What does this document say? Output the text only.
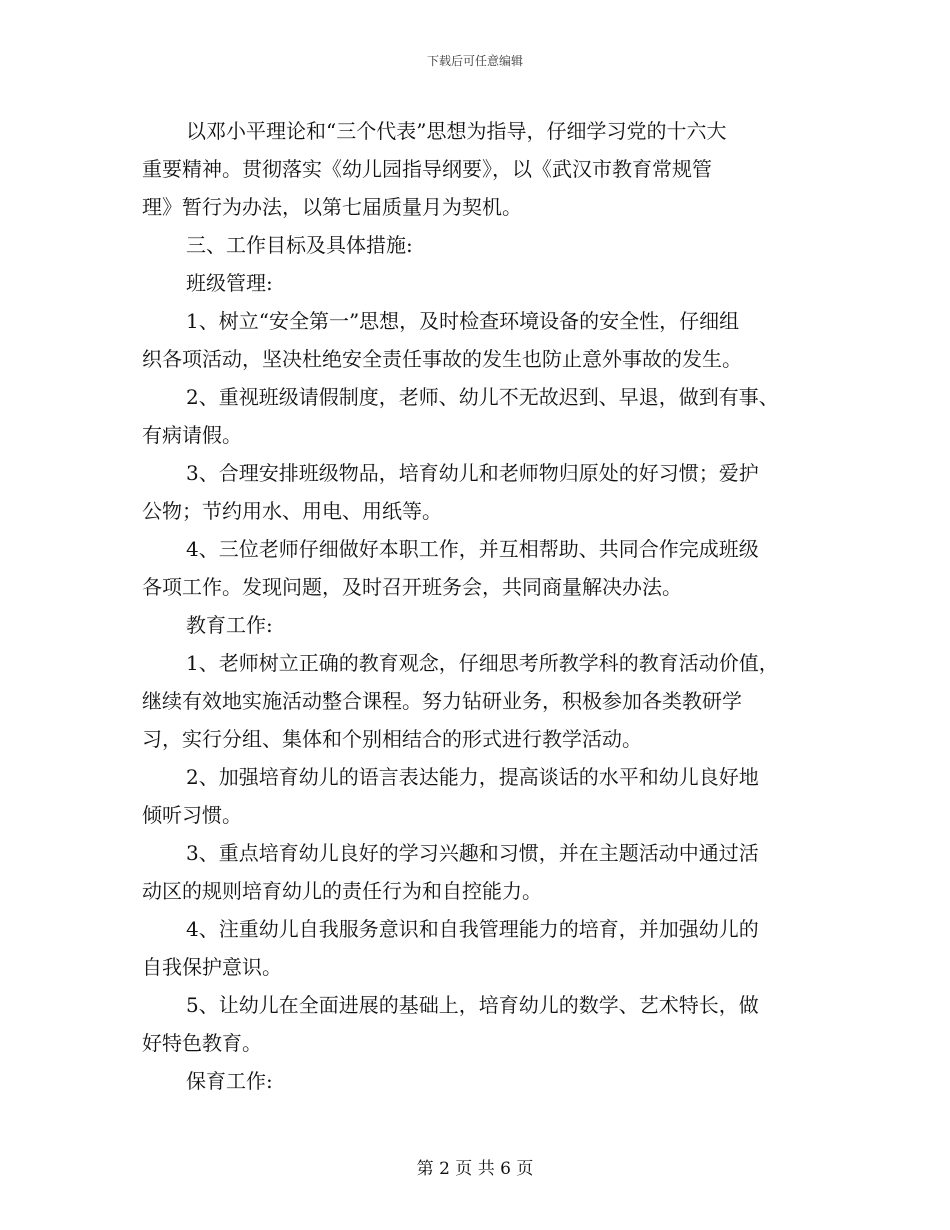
下载后可任意编辑
以邓小平理论和“三个代表”思想为指导，仔细学习党的十六大
重要精神。贯彻落实《幼儿园指导纲要》，以《武汉市教育常规管
理》暂行为办法，以第七届质量月为契机。
三、工作目标及具体措施:
班级管理:
1、树立“安全第一”思想，及时检查环境设备的安全性，仔细组
织各项活动，坚决杜绝安全责任事故的发生也防止意外事故的发生。
2、重视班级请假制度，老师、幼儿不无故迟到、早退，做到有事、
有病请假。
3、合理安排班级物品，培育幼儿和老师物归原处的好习惯；爱护
公物；节约用水、用电、用纸等。
4、三位老师仔细做好本职工作，并互相帮助、共同合作完成班级
各项工作。发现问题，及时召开班务会，共同商量解决办法。
教育工作:
1、老师树立正确的教育观念，仔细思考所教学科的教育活动价值，
继续有效地实施活动整合课程。努力钻研业务，积极参加各类教研学
习，实行分组、集体和个别相结合的形式进行教学活动。
2、加强培育幼儿的语言表达能力，提高谈话的水平和幼儿良好地
倾听习惯。
3、重点培育幼儿良好的学习兴趣和习惯，并在主题活动中通过活
动区的规则培育幼儿的责任行为和自控能力。
4、注重幼儿自我服务意识和自我管理能力的培育，并加强幼儿的
自我保护意识。
5、让幼儿在全面进展的基础上，培育幼儿的数学、艺术特长，做
好特色教育。
保育工作:
第 2 页 共 6 页
